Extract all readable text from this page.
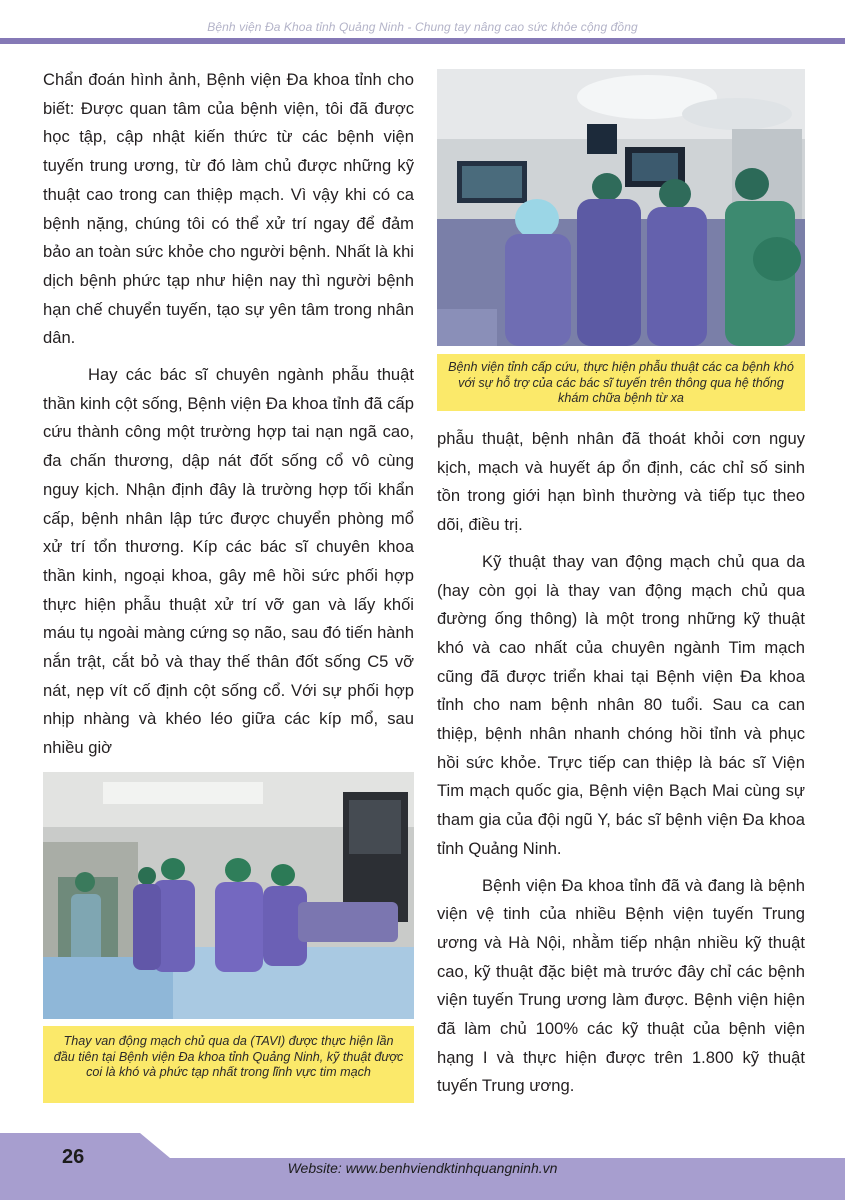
Bệnh viện Đa Khoa tỉnh Quảng Ninh - Chung tay nâng cao sức khỏe cộng đồng

Chẩn đoán hình ảnh, Bệnh viện Đa khoa tỉnh cho biết: Được quan tâm của bệnh viện, tôi đã được học tập, cập nhật kiến thức từ các bệnh viện tuyến trung ương, từ đó làm chủ được những kỹ thuật cao trong can thiệp mạch. Vì vậy khi có ca bệnh nặng, chúng tôi có thể xử trí ngay để đảm bảo an toàn sức khỏe cho người bệnh. Nhất là khi dịch bệnh phức tạp như hiện nay thì người bệnh hạn chế chuyển tuyến, tạo sự yên tâm trong nhân dân.

Hay các bác sĩ chuyên ngành phẫu thuật thần kinh cột sống, Bệnh viện Đa khoa tỉnh đã cấp cứu thành công một trường hợp tai nạn ngã cao, đa chấn thương, dập nát đốt sống cổ vô cùng nguy kịch. Nhận định đây là trường hợp tối khẩn cấp, bệnh nhân lập tức được chuyển phòng mổ xử trí tổn thương. Kíp các bác sĩ chuyên khoa thần kinh, ngoại khoa, gây mê hồi sức phối hợp thực hiện phẫu thuật xử trí vỡ gan và lấy khối máu tụ ngoài màng cứng sọ não, sau đó tiến hành nắn trật, cắt bỏ và thay thế thân đốt sống C5 vỡ nát, nẹp vít cố định cột sống cổ. Với sự phối hợp nhịp nhàng và khéo léo giữa các kíp mổ, sau nhiều giờ

Bệnh viện tỉnh cấp cứu, thực hiện phẫu thuật các ca bệnh khó với sự hỗ trợ của các bác sĩ tuyến trên thông qua hệ thống khám chữa bệnh từ xa

phẫu thuật, bệnh nhân đã thoát khỏi cơn nguy kịch, mạch và huyết áp ổn định, các chỉ số sinh tồn trong giới hạn bình thường và tiếp tục theo dõi, điều trị.

Kỹ thuật thay van động mạch chủ qua da (hay còn gọi là thay van động mạch chủ qua đường ống thông) là một trong những kỹ thuật khó và cao nhất của chuyên ngành Tim mạch cũng đã được triển khai tại Bệnh viện Đa khoa tỉnh cho nam bệnh nhân 80 tuổi. Sau ca can thiệp, bệnh nhân nhanh chóng hồi tỉnh và phục hồi sức khỏe. Trực tiếp can thiệp là bác sĩ Viện Tim mạch quốc gia, Bệnh viện Bạch Mai cùng sự tham gia của đội ngũ Y, bác sĩ bệnh viện Đa khoa tỉnh Quảng Ninh.

Bệnh viện Đa khoa tỉnh đã và đang là bệnh viện vệ tinh của nhiều Bệnh viện tuyến Trung ương và Hà Nội, nhằm tiếp nhận nhiều kỹ thuật cao, kỹ thuật đặc biệt mà trước đây chỉ các bệnh viện tuyến Trung ương làm được. Bệnh viện hiện đã làm chủ 100% các kỹ thuật của bệnh viện hạng I và thực hiện được trên 1.800 kỹ thuật tuyến Trung ương.

Thay van động mạch chủ qua da (TAVI) được thực hiện lần đầu tiên tại Bệnh viện Đa khoa tỉnh Quảng Ninh, kỹ thuật được coi là khó và phức tạp nhất trong lĩnh vực tim mạch
26	Website: www.benhviendktinhquangninh.vn
